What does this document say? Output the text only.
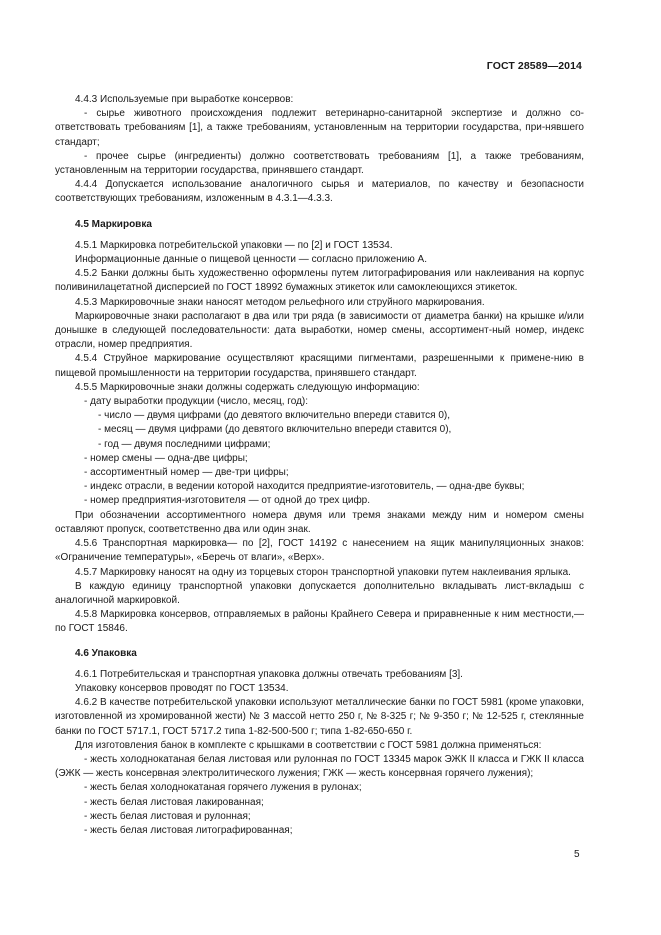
ГОСТ 28589—2014

4.4.3 Используемые при выработке консервов:

- сырье животного происхождения подлежит ветеринарно-санитарной экспертизе и должно со-ответствовать требованиям [1], а также требованиям, установленным на территории государства, при-нявшего стандарт;

- прочее сырье (ингредиенты) должно соответствовать требованиям [1], а также требованиям, установленным на территории государства, принявшего стандарт.

4.4.4 Допускается использование аналогичного сырья и материалов, по качеству и безопасности соответствующих требованиям, изложенным в 4.3.1—4.3.3.

4.5 Маркировка

4.5.1 Маркировка потребительской упаковки — по [2] и ГОСТ 13534.

Информационные данные о пищевой ценности — согласно приложению А.

4.5.2 Банки должны быть художественно оформлены путем литографирования или наклеивания на корпус поливинилацетатной дисперсией по ГОСТ 18992 бумажных этикеток или самоклеющихся этикеток.

4.5.3 Маркировочные знаки наносят методом рельефного или струйного маркирования.

Маркировочные знаки располагают в два или три ряда (в зависимости от диаметра банки) на крышке и/или донышке в следующей последовательности: дата выработки, номер смены, ассортимент-ный номер, индекс отрасли, номер предприятия.

4.5.4 Струйное маркирование осуществляют красящими пигментами, разрешенными к примене-нию в пищевой промышленности на территории государства, принявшего стандарт.

4.5.5 Маркировочные знаки должны содержать следующую информацию:

- дату выработки продукции (число, месяц, год):

- число — двумя цифрами (до девятого включительно впереди ставится 0),

- месяц — двумя цифрами (до девятого включительно впереди ставится 0),

- год — двумя последними цифрами;

- номер смены — одна-две цифры;

- ассортиментный номер — две-три цифры;

- индекс отрасли, в ведении которой находится предприятие-изготовитель, — одна-две буквы;

- номер предприятия-изготовителя — от одной до трех цифр.

При обозначении ассортиментного номера двумя или тремя знаками между ним и номером смены оставляют пропуск, соответственно два или один знак.

4.5.6 Транспортная маркировка— по [2], ГОСТ 14192 с нанесением на ящик манипуляционных знаков: «Ограничение температуры», «Беречь от влаги», «Верх».

4.5.7 Маркировку наносят на одну из торцевых сторон транспортной упаковки путем наклеивания ярлыка.

В каждую единицу транспортной упаковки допускается дополнительно вкладывать лист-вкладыш с аналогичной маркировкой.

4.5.8 Маркировка консервов, отправляемых в районы Крайнего Севера и приравненные к ним местности,— по ГОСТ 15846.

4.6 Упаковка

4.6.1 Потребительская и транспортная упаковка должны отвечать требованиям [3].

Упаковку консервов проводят по ГОСТ 13534.

4.6.2 В качестве потребительской упаковки используют металлические банки по ГОСТ 5981 (кроме упаковки, изготовленной из хромированной жести) № 3 массой нетто 250 г, № 8-325 г; № 9-350 г; № 12-525 г, стеклянные банки по ГОСТ 5717.1, ГОСТ 5717.2 типа 1-82-500-500 г; типа 1-82-650-650 г.

Для изготовления банок в комплекте с крышками в соответствии с ГОСТ 5981 должна применяться:

- жесть холоднокатаная белая листовая или рулонная по ГОСТ 13345 марок ЭЖК II класса и ГЖК II класса (ЭЖК — жесть консервная электролитического лужения; ГЖК — жесть консервная горячего лужения);

- жесть белая холоднокатаная горячего лужения в рулонах;

- жесть белая листовая лакированная;

- жесть белая листовая и рулонная;

- жесть белая листовая литографированная;

5
